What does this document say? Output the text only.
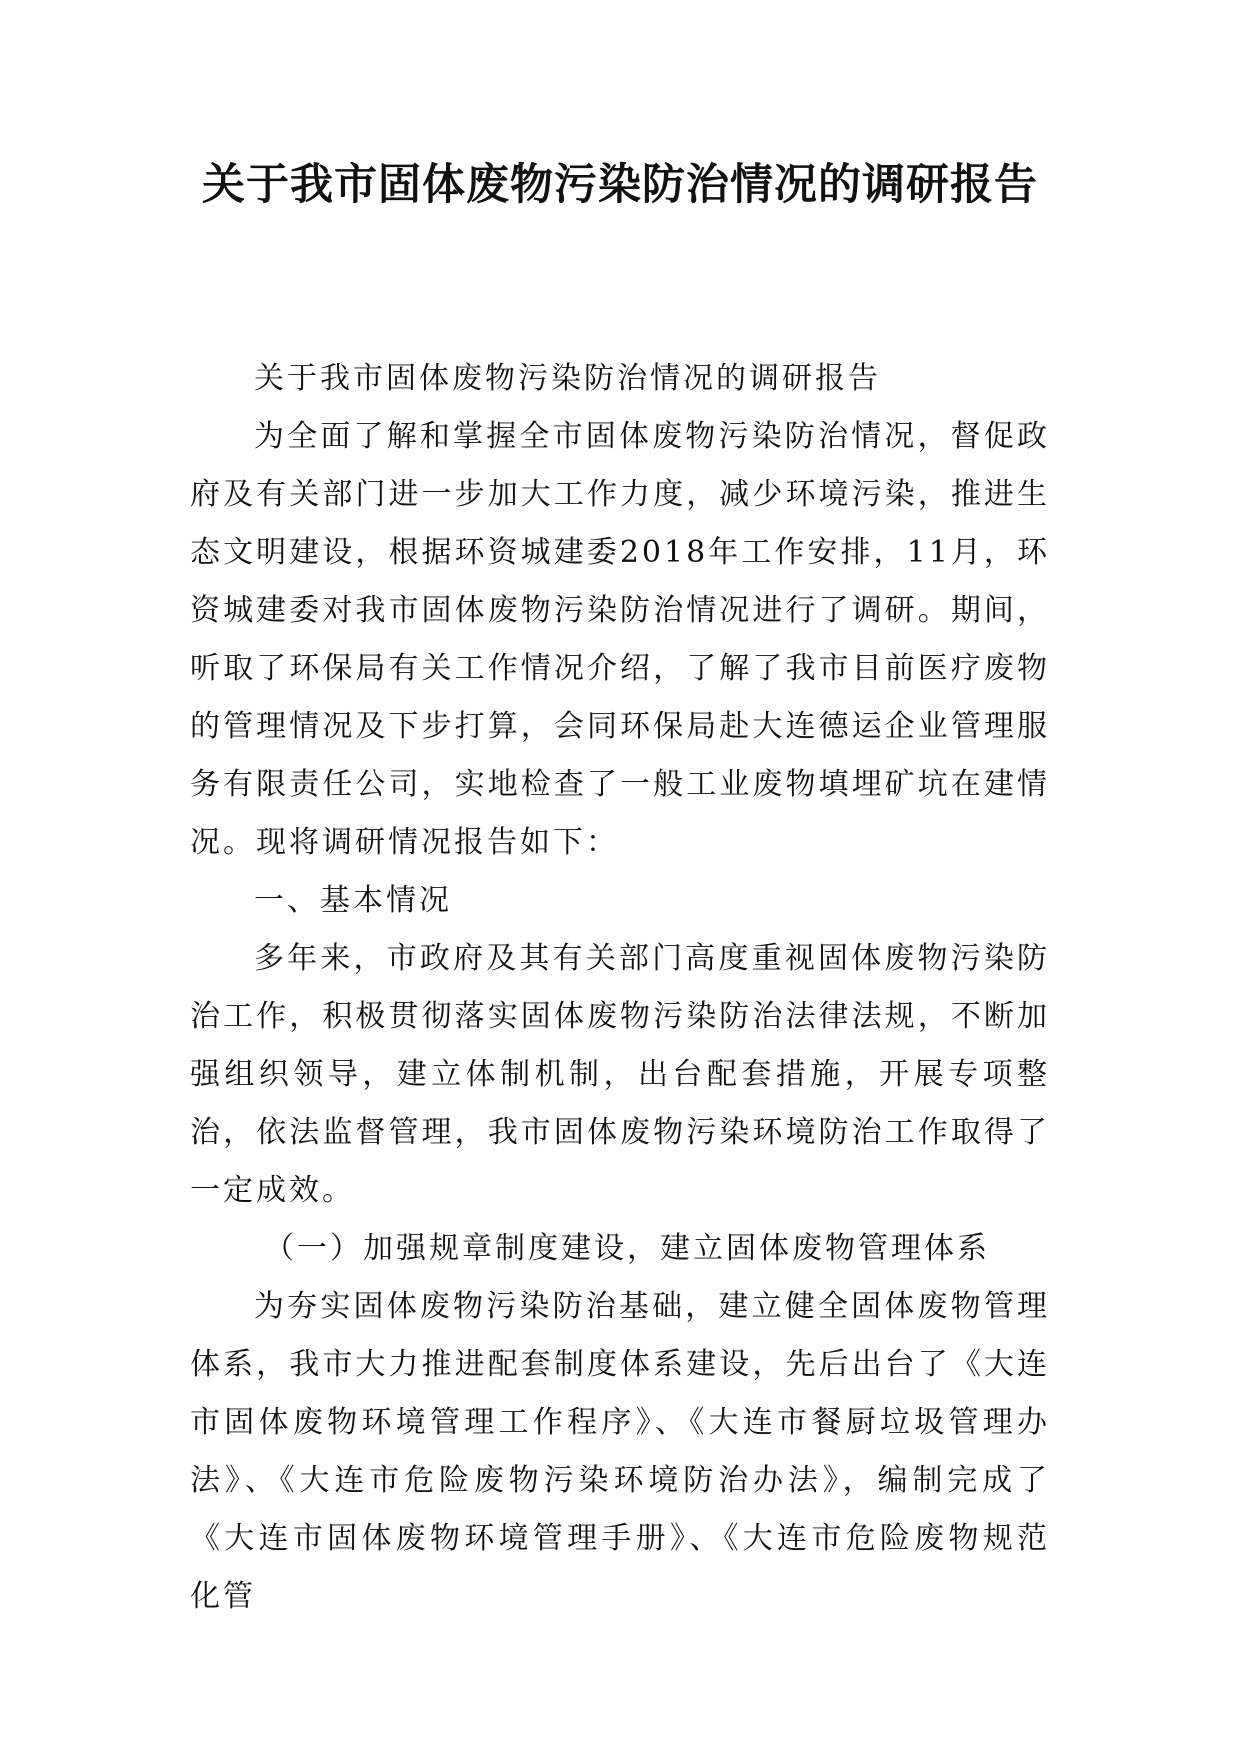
关于我市固体废物污染防治情况的调研报告

关于我市固体废物污染防治情况的调研报告

为全面了解和掌握全市固体废物污染防治情况，督促政府及有关部门进一步加大工作力度，减少环境污染，推进生态文明建设，根据环资城建委2018年工作安排，11月，环资城建委对我市固体废物污染防治情况进行了调研。期间，听取了环保局有关工作情况介绍，了解了我市目前医疗废物的管理情况及下步打算，会同环保局赴大连德运企业管理服务有限责任公司，实地检查了一般工业废物填埋矿坑在建情况。现将调研情况报告如下：

一、基本情况

多年来，市政府及其有关部门高度重视固体废物污染防治工作，积极贯彻落实固体废物污染防治法律法规，不断加强组织领导，建立体制机制，出台配套措施，开展专项整治，依法监督管理，我市固体废物污染环境防治工作取得了一定成效。

（一）加强规章制度建设，建立固体废物管理体系

为夯实固体废物污染防治基础，建立健全固体废物管理体系，我市大力推进配套制度体系建设，先后出台了《大连市固体废物环境管理工作程序》、《大连市餐厨垃圾管理办法》、《大连市危险废物污染环境防治办法》，编制完成了《大连市固体废物环境管理手册》、《大连市危险废物规范化管
